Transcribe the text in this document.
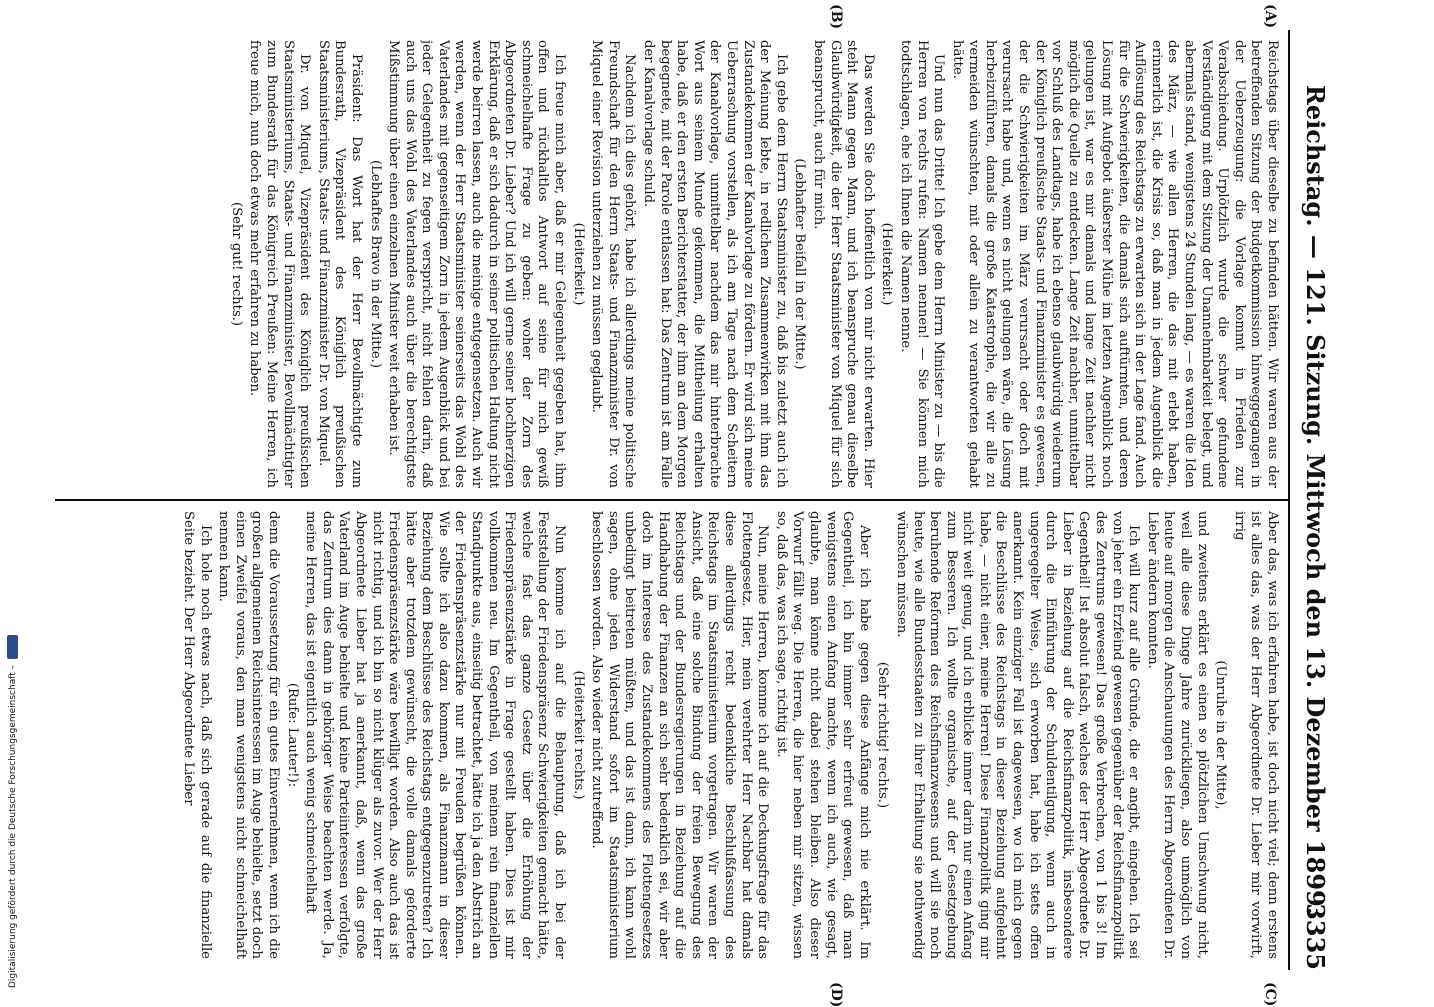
Reichstag. — 121. Sitzung. Mittwoch den 13. Dezember 1899.
3335
(A)
(B)
(C)
(D)

Reichstags über dieselbe zu befinden hätten. Wir waren aus der betreffenden Sitzung der Budgetkommission hinweggegangen in der Ueberzeugung: die Vorlage kommt in Frieden zur Verabschiedung. Urplötzlich wurde die schwer gefundene Verständigung mit dem Sitzung der Unannehmbarkeit belegt, und abermals stand, wenigstens 24 Stunden lang, — es waren die Iden des März, — wie allen Herren, die das mit erlebt haben, erinnerlich ist, die Krisis so, daß man in jedem Augenblick die Auflösung des Reichstags zu erwarten sich in der Lage fand. Auch für die Schwierigkeiten, die damals sich auftürmten, und deren Lösung mit Aufgebot äußerster Mühe im letzten Augenblick noch gelungen ist, war es mir damals und lange Zeit nachher nicht möglich die Quelle zu entdecken. Lange Zeit nachher, unmittelbar vor Schluß des Landtags, habe ich ebenso glaubwürdig wiederum der Königlich preußische Staats- und Finanzminister es gewesen, der die Schwierigkeiten im März verursacht oder doch mit verursacht habe und, wenn es nicht gelungen wäre, die Lösung herbeizuführen, damals die große Katastrophe, die wir alle zu vermeiden wünschten, mit oder allein zu verantworten gehabt hätte.

Und nun das Dritte! Ich gebe dem Herrn Minister zu — bis die Herren von rechts rufen: Namen nennen! — Sie können mich todtschlagen, ehe ich Ihnen die Namen nenne.

(Heiterkeit.)

Das werden Sie doch hoffentlich von mir nicht erwarten. Hier steht Mann gegen Mann, und ich beanspruche genau dieselbe Glaubwürdigkeit, die der Herr Staatsminister von Miquel für sich beansprucht, auch für mich.

(Lebhafter Beifall in der Mitte.)

Ich gebe dem Herrn Staatsminister zu, daß bis zuletzt auch ich der Meinung lebte, in redlichem Zusammenwirken mit ihm das Zustandekommen der Kanalvorlage zu fördern. Er wird sich meine Ueberraschung vorstellen, als ich am Tage nach dem Scheitern der Kanalvorlage, unmittelbar nachdem das mir hinterbrachte Wort aus seinem Munde gekommen, die Mittheilung erhalten habe, daß er den ersten Berichterstatter, der ihm an dem Morgen begegnete, mit der Parole entlassen hat: Das Zentrum ist am Falle der Kanalvorlage schuld.

Nachdem ich dies gehört, habe ich allerdings meine politische Freundschaft für den Herrn Staats- und Finanzminister Dr. von Miquel einer Revision unterziehen zu müssen geglaubt.

(Heiterkeit.)

Ich freue mich aber, daß er mir Gelegenheit gegeben hat, ihm offen und rückhaltlos Antwort auf seine für mich gewiß schmeichelhafte Frage zu geben: woher der Zorn des Abgeordneten Dr. Lieber? Und ich will gerne seiner hochherzigen Erklärung, daß er sich dadurch in seiner politischen Haltung nicht werde beirren lassen, auch die meinige entgegensetzen. Auch wir werden, wenn der Herr Staatsminister seinerseits das Wohl des Vaterlandes mit gegenseitigem Zorn in jedem Augenblick und bei jeder Gelegenheit zu fegen verspricht, nicht fehlen darin, daß auch uns das Wohl des Vaterlandes auch über die berechtigtste Mißstimmung über einen einzelnen Minister weit erhaben ist.

(Lebhaftes Bravo in der Mitte.)

Präsident: Das Wort hat der Herr Bevollmächtigte zum Bundesrath, Vizepräsident des Königlich preußischen Staatsministeriums, Staats- und Finanzminister Dr. von Miquel.

Dr. von Miquel, Vizepräsident des Königlich preußischen Staatsministeriums, Staats- und Finanzminister, Bevollmächtigter zum Bundesrath für das Königreich Preußen: Meine Herren, ich freue mich, nun doch etwas mehr erfahren zu haben.

(Sehr gut! rechts.)

Aber das, was ich erfahren habe, ist doch nicht viel; denn erstens ist alles das, was der Herr Abgeordnete Dr. Lieber mir vorwirft, irrig

(Unruhe in der Mitte),

und zweitens erklärt es einen so plötzlichen Umschwung nicht, weil alle diese Dinge Jahre zurückliegen, also unmöglich von heute auf morgen die Anschauungen des Herrn Abgeordneten Dr. Lieber ändern konnten.

Ich will kurz auf alle Gründe, die er angibt, eingehen. Ich sei von jeher ein Erzfeind gewesen gegenüber der Reichsfinanzpolitik des Zentrums gewesen! Das große Verbrechen, von 1 bis 3! Im Gegentheil! Ist absolut falsch, welches der Herr Abgeordnete Dr. Lieber in Beziehung auf die Reichsfinanzpolitik, insbesondere durch die Einführung der Schuldentilgung, wenn auch in ungeregelter Weise, sich erworben hat, habe ich stets offen anerkannt. Kein einziger Fall ist dagewesen, wo ich mich gegen die Beschlüsse des Reichstags in dieser Beziehung aufgelehnt habe, — nicht einer, meine Herren! Diese Finanzpolitik ging mir nicht weit genug, und ich erblicke immer darin nur einen Anfang zum Besseren. Ich wollte organische, auf der Gesetzgebung beruhende Reformen des Reichsfinanzwesens und will sie noch heute, wie alle Bundesstaaten zu ihrer Erhaltung sie nothwendig wünschen müssen.

(Sehr richtig! rechts.)

Aber ich habe gegen diese Anfänge mich nie erklärt. Im Gegentheil, ich bin immer sehr erfreut gewesen, daß man wenigstens einen Anfang machte, wenn ich auch, wie gesagt, glaubte, man könne nicht dabei stehen bleiben. Also dieser Vorwurf fällt weg. Die Herren, die hier neben mir sitzen, wissen so, daß das, was ich sage, richtig ist.

Nun, meine Herren, komme ich auf die Deckungsfrage für das Flottengesetz. Hier, mein verehrter Herr Nachbar hat damals diese allerdings recht bedenkliche Beschlußfassung des Reichstags im Staatsministerium vorgetragen. Wir waren der Ansicht, daß eine solche Bindung der freien Bewegung des Reichstags und der Bundesregierungen in Beziehung auf die Handhabung der Finanzen an sich sehr bedenklich sei, wir aber doch im Interesse des Zustandekommens des Flottengesetzes unbedingt beitreten müßten, und das ist dann, ich kann wohl sagen, ohne jeden Widerstand sofort im Staatsministerium beschlossen worden. Also wieder nicht zutreffend.

(Heiterkeit rechts.)

Nun komme ich auf die Behauptung, daß ich bei der Feststellung der Friedenspräsenz Schwierigkeiten gemacht hätte, welche fast das ganze Gesetz über die Erhöhung der Friedenspräsenzstärke in Frage gestellt haben. Dies ist mir vollkommen neu. Im Gegentheil, von meinem rein finanziellen Standpunkte aus, einseitig betrachtet, hätte ich ja den Abstrich an der Friedenspräsenzstärke nur mit Freuden begrüßen können. Wie sollte ich also dazu kommen, als Finanzmann in dieser Beziehung dem Beschlüsse des Reichstags entgegenzutreten? Ich hätte aber trotzdem gewünscht, die volle damals geforderte Friedenspräsenzstärke wäre bewilligt worden. Also auch das ist nicht richtig, und ich bin so nicht klüger als zuvor. Wer der Herr Abgeordnete Lieber hat ja anerkannt, daß, wenn das große Vaterland im Auge behielte und keine Parteiinteressen verfolgte, das Zentrum dies dann in gehöriger Weise beachten werde. Ja, meine Herren, das ist eigentlich auch wenig schmeichelhaft

(Rufe: Lauter!):

denn die Voraussetzung für ein gutes Einvernehmen, wenn ich die großen allgemeinen Reichsinteressen im Auge behielte, setzt doch einen Zweifel voraus, den man wenigstens nicht schmeichelhaft nennen kann.

Ich hole noch etwas nach, daß sich gerade auf die finanzielle Seite bezieht. Der Herr Abgeordnete Lieber

Digitalisierung gefördert durch die Deutsche Forschungsgemeinschaft –
